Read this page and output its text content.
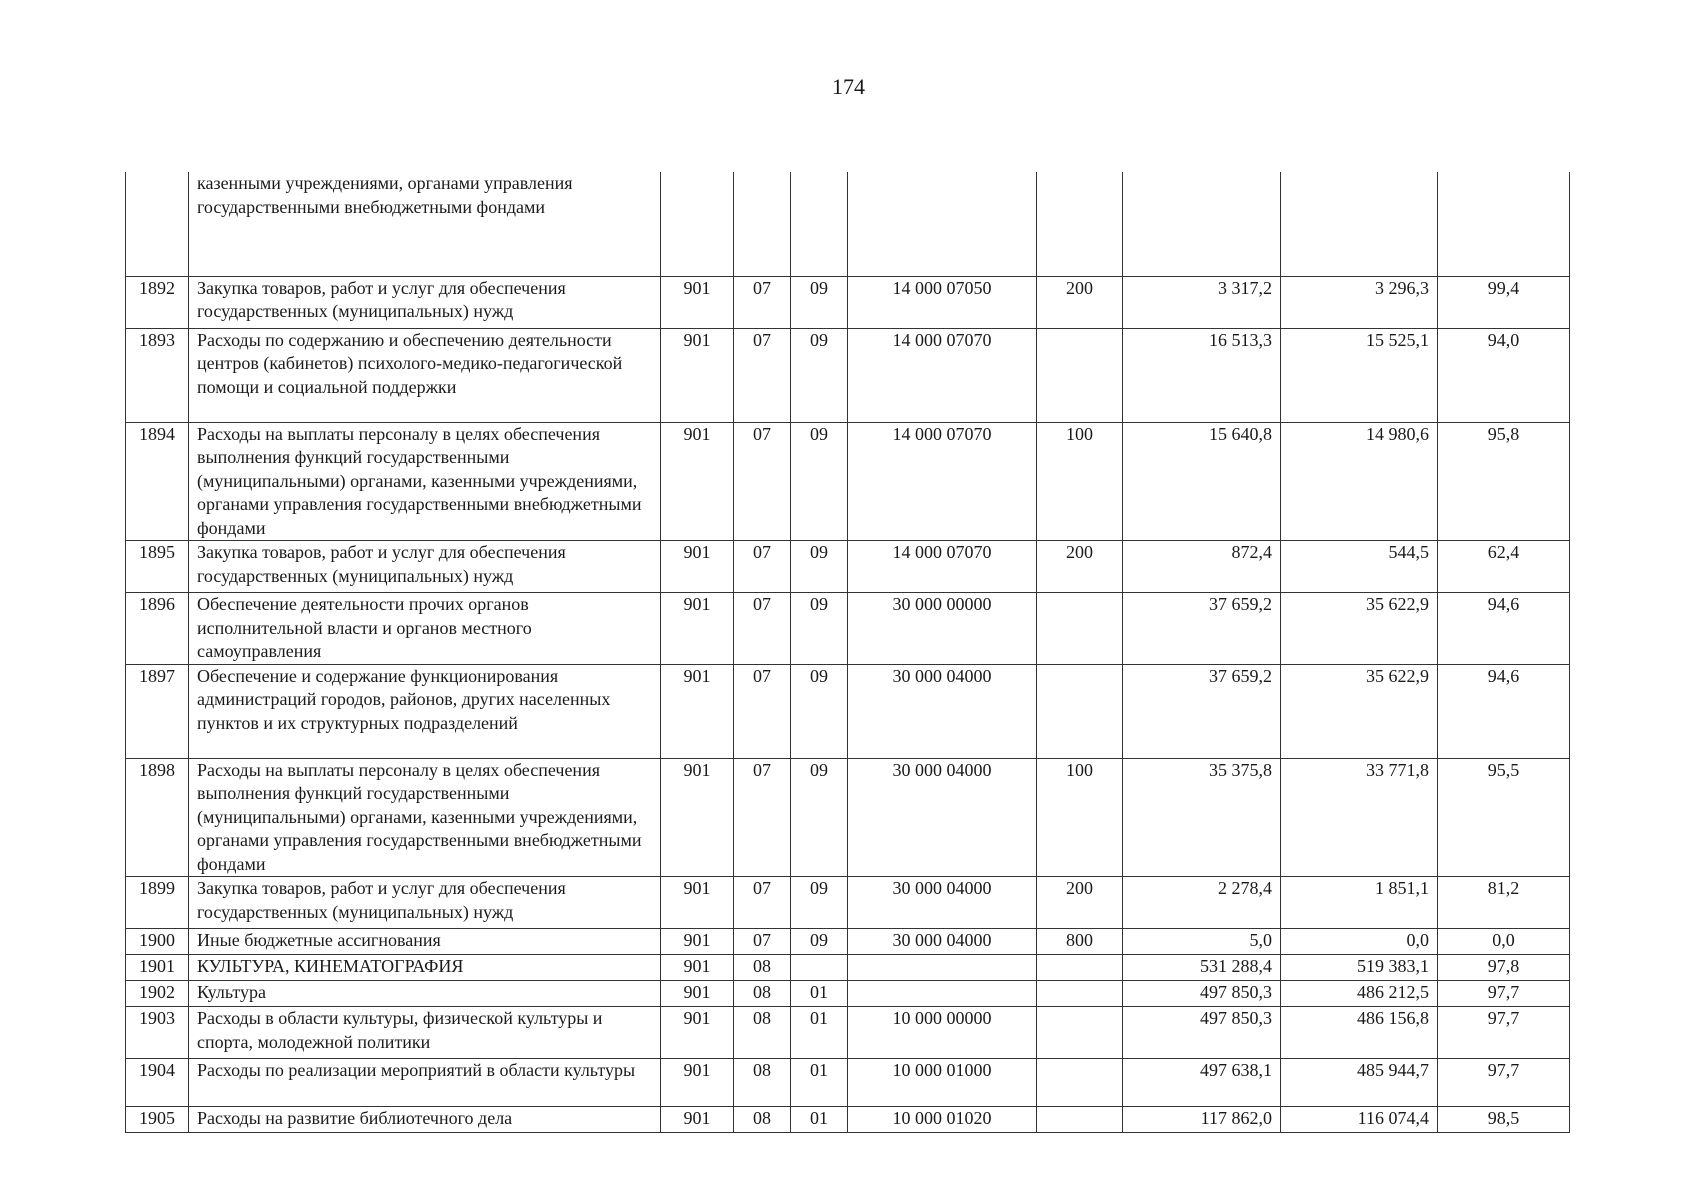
174
	казенными учреждениями, органами управления государственными внебюджетными фондами								
1892	Закупка товаров, работ и услуг для обеспечения государственных (муниципальных) нужд	901	07	09	14 000 07050	200	3 317,2	3 296,3	99,4
1893	Расходы по содержанию и обеспечению деятельности центров (кабинетов) психолого-медико-педагогической помощи и социальной поддержки	901	07	09	14 000 07070		16 513,3	15 525,1	94,0
1894	Расходы на выплаты персоналу в целях обеспечения выполнения функций государственными (муниципальными) органами, казенными учреждениями, органами управления государственными внебюджетными фондами	901	07	09	14 000 07070	100	15 640,8	14 980,6	95,8
1895	Закупка товаров, работ и услуг для обеспечения государственных (муниципальных) нужд	901	07	09	14 000 07070	200	872,4	544,5	62,4
1896	Обеспечение деятельности прочих органов исполнительной власти и органов местного самоуправления	901	07	09	30 000 00000		37 659,2	35 622,9	94,6
1897	Обеспечение и содержание функционирования администраций городов, районов, других населенных пунктов и их структурных подразделений	901	07	09	30 000 04000		37 659,2	35 622,9	94,6
1898	Расходы на выплаты персоналу в целях обеспечения выполнения функций государственными (муниципальными) органами, казенными учреждениями, органами управления государственными внебюджетными фондами	901	07	09	30 000 04000	100	35 375,8	33 771,8	95,5
1899	Закупка товаров, работ и услуг для обеспечения государственных (муниципальных) нужд	901	07	09	30 000 04000	200	2 278,4	1 851,1	81,2
1900	Иные бюджетные ассигнования	901	07	09	30 000 04000	800	5,0	0,0	0,0
1901	КУЛЬТУРА, КИНЕМАТОГРАФИЯ	901	08				531 288,4	519 383,1	97,8
1902	Культура	901	08	01			497 850,3	486 212,5	97,7
1903	Расходы в области культуры, физической культуры и спорта, молодежной политики	901	08	01	10 000 00000		497 850,3	486 156,8	97,7
1904	Расходы по реализации мероприятий в области культуры	901	08	01	10 000 01000		497 638,1	485 944,7	97,7
1905	Расходы на развитие библиотечного дела	901	08	01	10 000 01020		117 862,0	116 074,4	98,5
